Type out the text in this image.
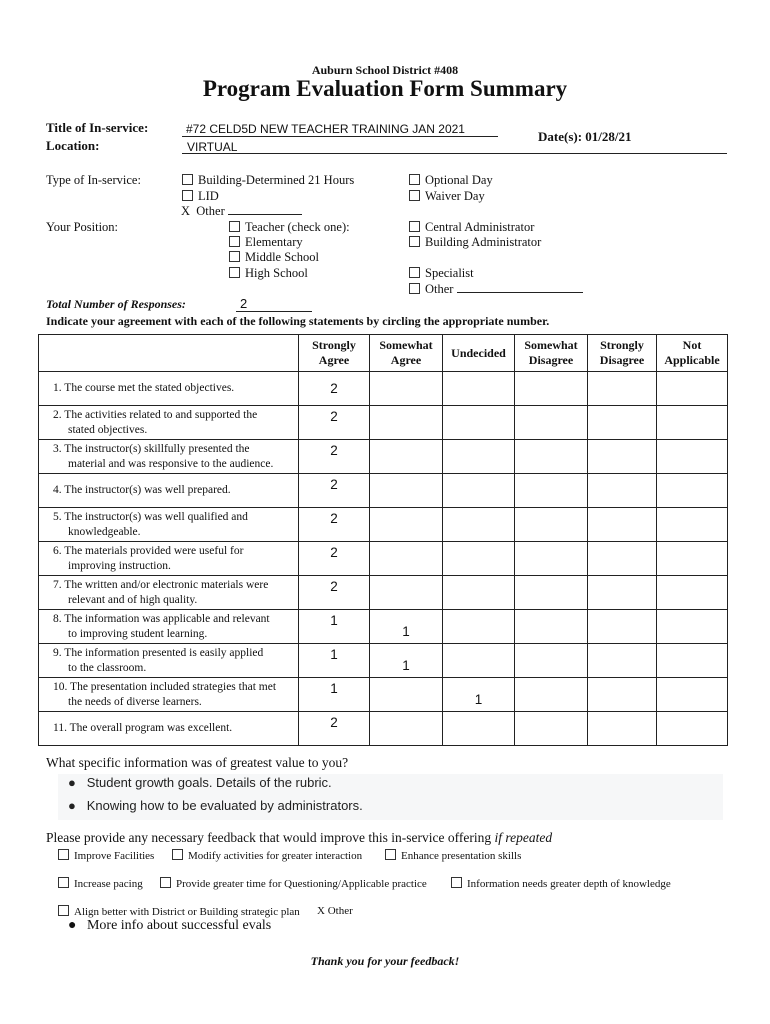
Auburn School District #408
Program Evaluation Form Summary
Title of In-service:	#72 CELD5D NEW TEACHER TRAINING JAN 2021
Location:	VIRTUAL
Date(s): 01/28/21
Type of In-service:	Building-Determined 21 Hours
LID
X Other
Optional Day
Waiver Day
Your Position:	Teacher (check one):
Elementary
Middle School
High School
Central Administrator
Building Administrator
Specialist
Other
Total Number of Responses:	2
Indicate your agreement with each of the following statements by circling the appropriate number.
	Strongly
Agree	Somewhat
Agree	Undecided	Somewhat
Disagree	Strongly
Disagree	Not
Applicable
1. The course met the stated objectives.	2					
2. The activities related to and supported the
stated objectives.	2					
3. The instructor(s) skillfully presented the
material and was responsive to the audience.	2					
4. The instructor(s) was well prepared.	2					
5. The instructor(s) was well qualified and
knowledgeable.	2					
6. The materials provided were useful for
improving instruction.	2					
7. The written and/or electronic materials were
relevant and of high quality.	2					
8. The information was applicable and relevant
to improving student learning.	1	1				
9. The information presented is easily applied
to the classroom.	1	1				
10. The presentation included strategies that met
the needs of diverse learners.	1		1			
11. The overall program was excellent.	2					
What specific information was of greatest value to you?
● Student growth goals. Details of the rubric.
● Knowing how to be evaluated by administrators.
Please provide any necessary feedback that would improve this in-service offering if repeated
Improve Facilities	Modify activities for greater interaction	Enhance presentation skills
Increase pacing	Provide greater time for Questioning/Applicable practice	Information needs greater depth of knowledge
Align better with District or Building strategic plan X Other
● More info about successful evals
Thank you for your feedback!
